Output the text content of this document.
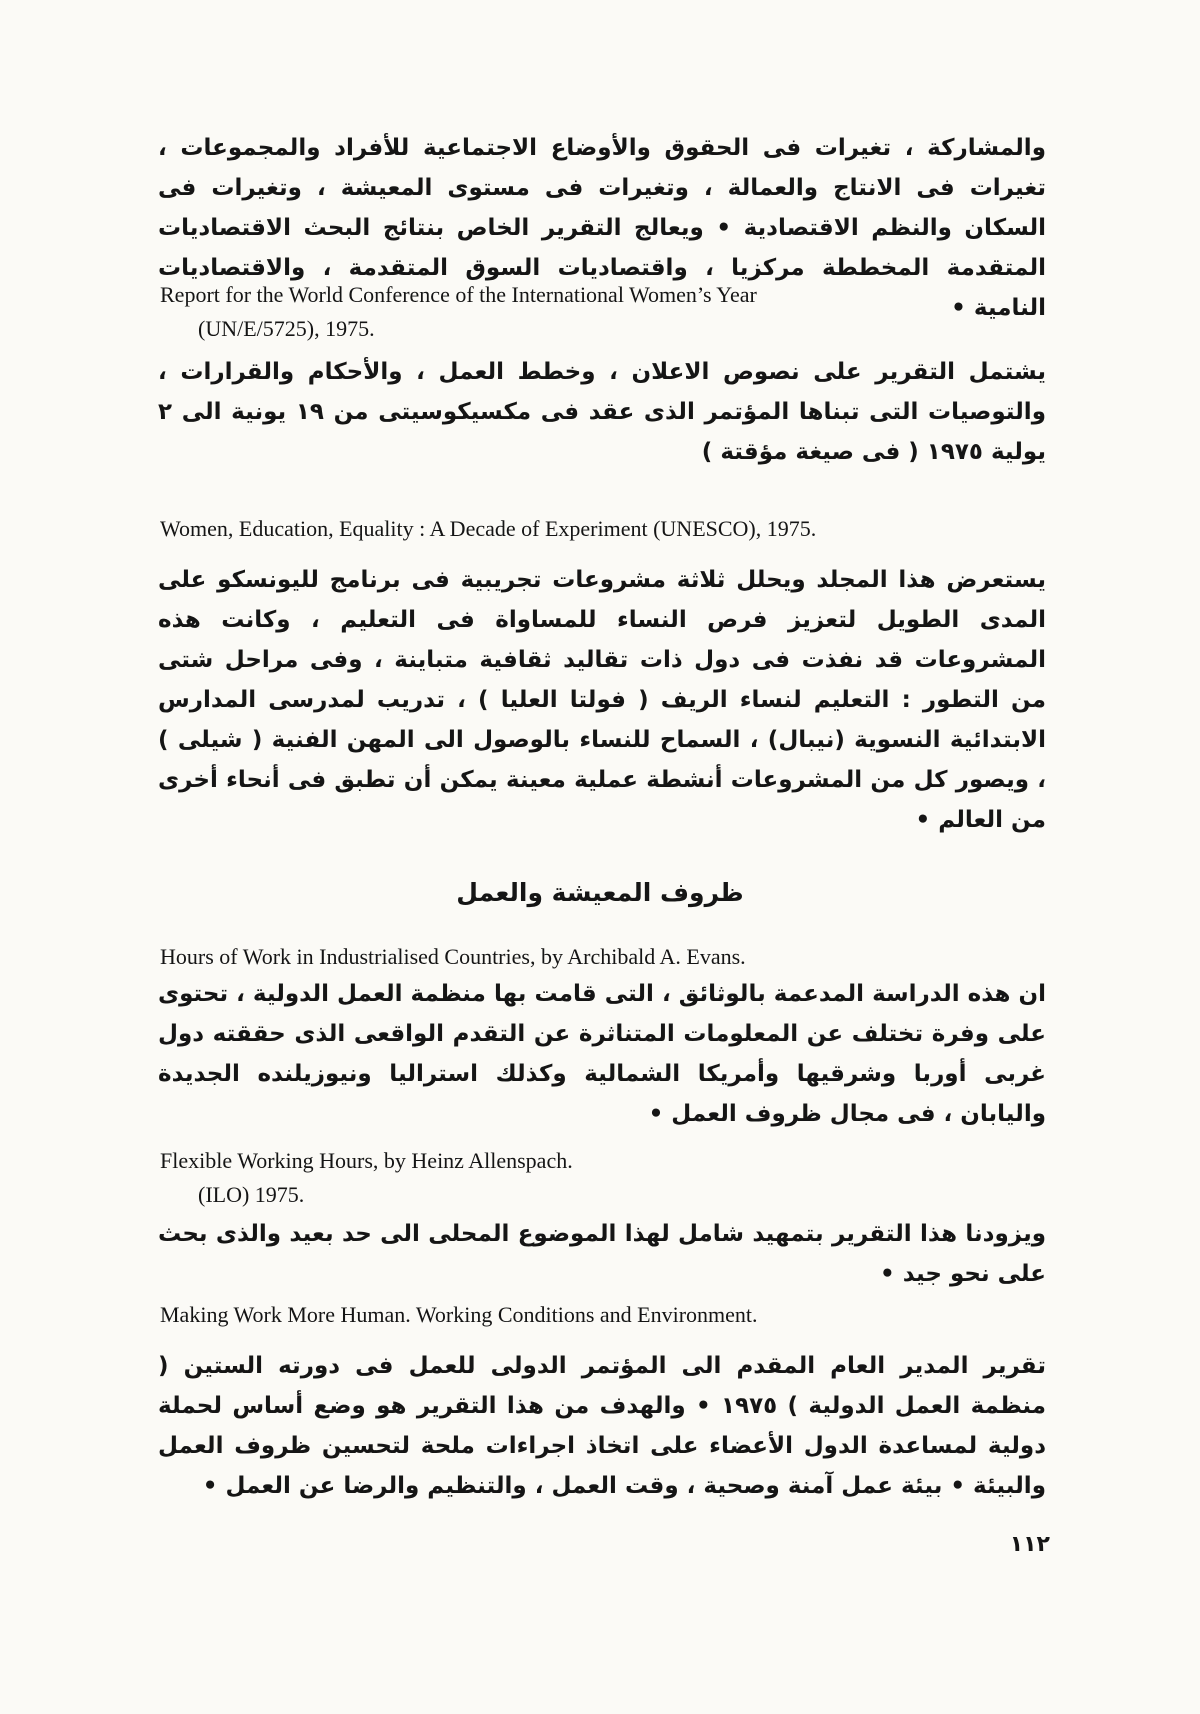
والمشاركة ، تغيرات فى الحقوق والأوضاع الاجتماعية للأفراد والمجموعات ، تغيرات فى الانتاج والعمالة ، وتغيرات فى مستوى المعيشة ، وتغيرات فى السكان والنظم الاقتصادية • ويعالج التقرير الخاص بنتائج البحث الاقتصاديات المتقدمة المخططة مركزيا ، واقتصاديات السوق المتقدمة ، والاقتصاديات النامية •

Report for the World Conference of the International Women’s Year
(UN/E/5725), 1975.

يشتمل التقرير على نصوص الاعلان ، وخطط العمل ، والأحكام والقرارات ، والتوصيات التى تبناها المؤتمر الذى عقد فى مكسيكوسيتى من ١٩ يونية الى ٢ يولية ١٩٧٥ ( فى صيغة مؤقتة )

Women, Education, Equality : A Decade of Experiment (UNESCO), 1975.

يستعرض هذا المجلد ويحلل ثلاثة مشروعات تجريبية فى برنامج لليونسكو على المدى الطويل لتعزيز فرص النساء للمساواة فى التعليم ، وكانت هذه المشروعات قد نفذت فى دول ذات تقاليد ثقافية متباينة ، وفى مراحل شتى من التطور : التعليم لنساء الريف ( فولتا العليا ) ، تدريب لمدرسى المدارس الابتدائية النسوية (نيبال) ، السماح للنساء بالوصول الى المهن الفنية ( شيلى ) ، ويصور كل من المشروعات أنشطة عملية معينة يمكن أن تطبق فى أنحاء أخرى من العالم •

ظروف المعيشة والعمل

Hours of Work in Industrialised Countries, by Archibald A. Evans.

ان هذه الدراسة المدعمة بالوثائق ، التى قامت بها منظمة العمل الدولية ، تحتوى على وفرة تختلف عن المعلومات المتناثرة عن التقدم الواقعى الذى حققته دول غربى أوربا وشرقيها وأمريكا الشمالية وكذلك استراليا ونيوزيلنده الجديدة واليابان ، فى مجال ظروف العمل •

Flexible Working Hours, by Heinz Allenspach.
(ILO) 1975.

ويزودنا هذا التقرير بتمهيد شامل لهذا الموضوع المحلى الى حد بعيد والذى بحث على نحو جيد •

Making Work More Human. Working Conditions and Environment.

تقرير المدير العام المقدم الى المؤتمر الدولى للعمل فى دورته الستين ( منظمة العمل الدولية ) ١٩٧٥ • والهدف من هذا التقرير هو وضع أساس لحملة دولية لمساعدة الدول الأعضاء على اتخاذ اجراءات ملحة لتحسين ظروف العمل والبيئة • بيئة عمل آمنة وصحية ، وقت العمل ، والتنظيم والرضا عن العمل •

١١٢
